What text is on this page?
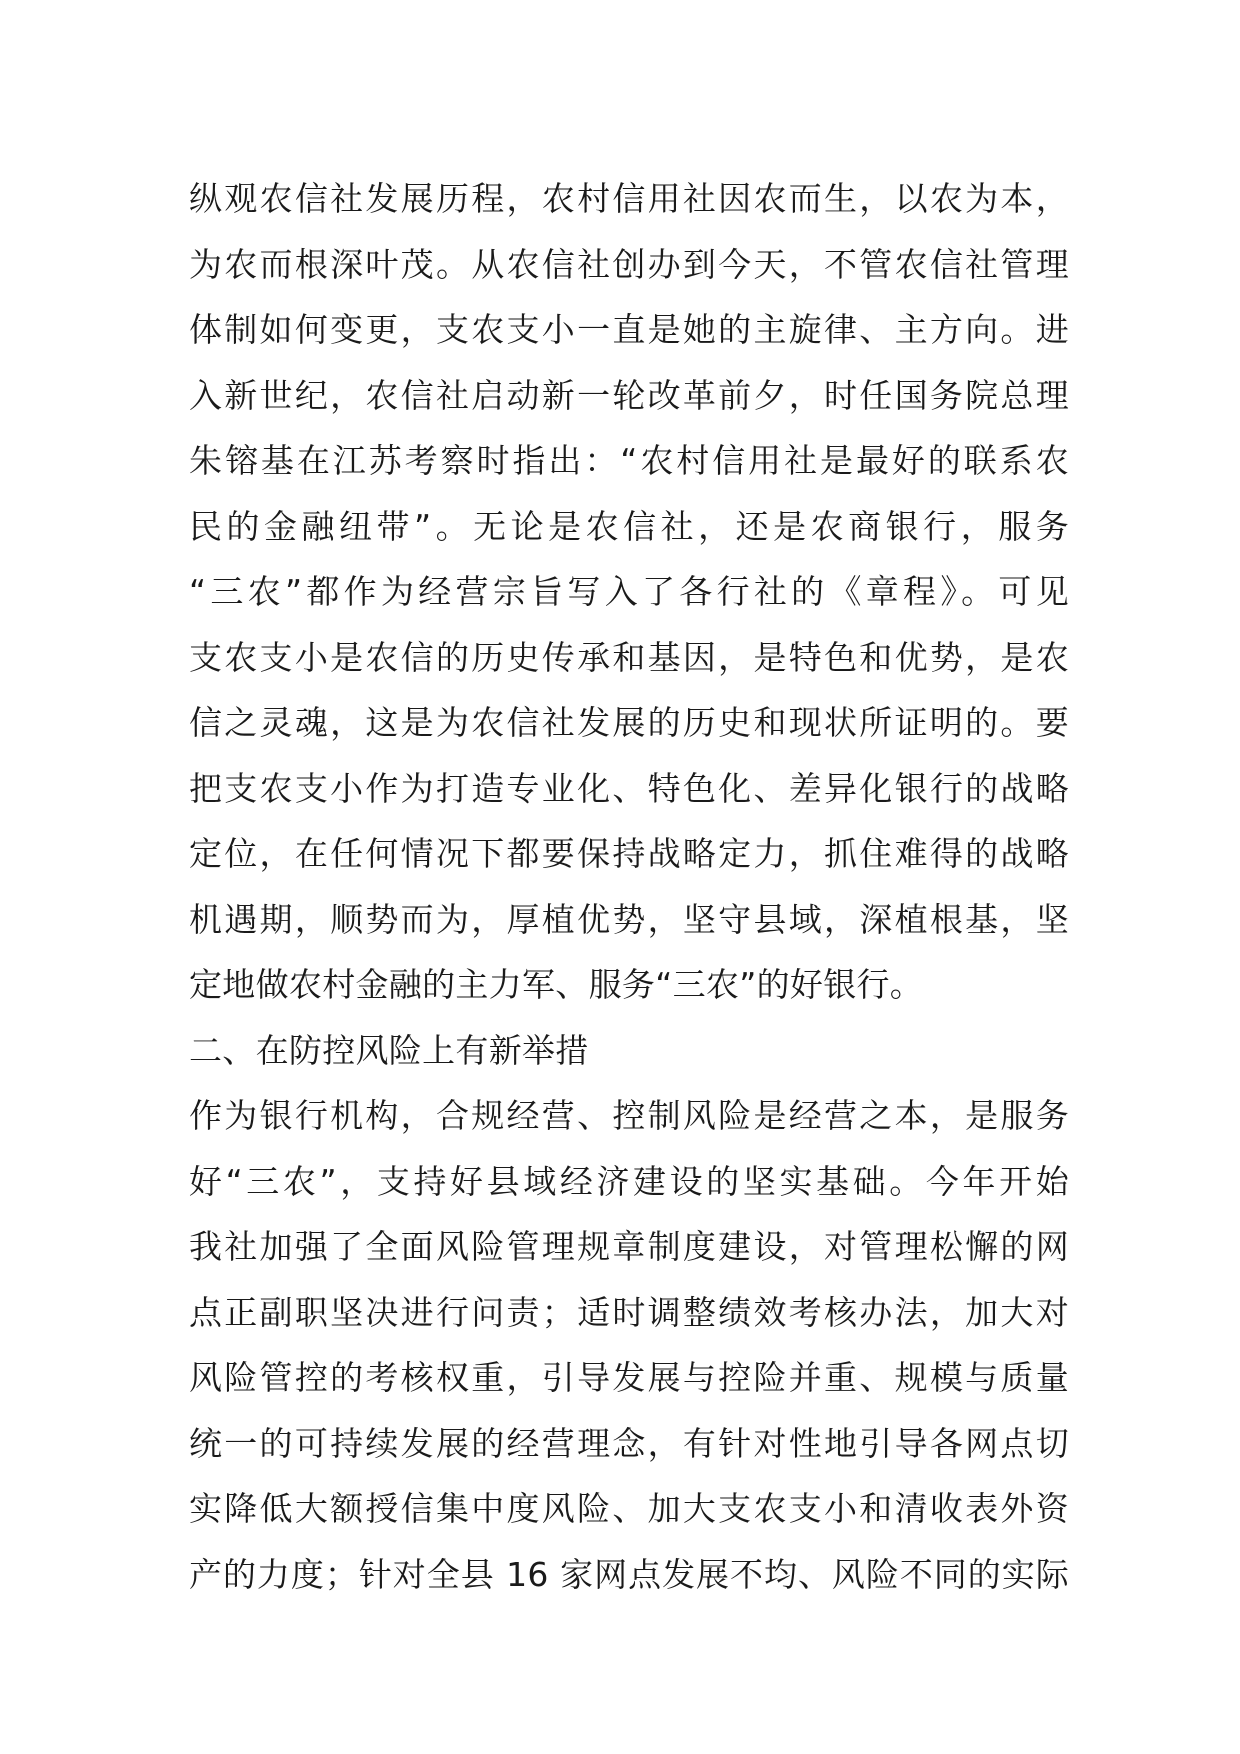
纵观农信社发展历程，农村信用社因农而生，以农为本，
为农而根深叶茂。从农信社创办到今天，不管农信社管理
体制如何变更，支农支小一直是她的主旋律、主方向。进
入新世纪，农信社启动新一轮改革前夕，时任国务院总理
朱镕基在江苏考察时指出：“农村信用社是最好的联系农
民的金融纽带”。无论是农信社，还是农商银行，服务
“三农”都作为经营宗旨写入了各行社的《章程》。可见
支农支小是农信的历史传承和基因，是特色和优势，是农
信之灵魂，这是为农信社发展的历史和现状所证明的。要
把支农支小作为打造专业化、特色化、差异化银行的战略
定位，在任何情况下都要保持战略定力，抓住难得的战略
机遇期，顺势而为，厚植优势，坚守县域，深植根基，坚
定地做农村金融的主力军、服务“三农”的好银行。
二、在防控风险上有新举措
作为银行机构，合规经营、控制风险是经营之本，是服务
好“三农”，支持好县域经济建设的坚实基础。今年开始
我社加强了全面风险管理规章制度建设，对管理松懈的网
点正副职坚决进行问责；适时调整绩效考核办法，加大对
风险管控的考核权重，引导发展与控险并重、规模与质量
统一的可持续发展的经营理念，有针对性地引导各网点切
实降低大额授信集中度风险、加大支农支小和清收表外资
产的力度；针对全县 16 家网点发展不均、风险不同的实际
